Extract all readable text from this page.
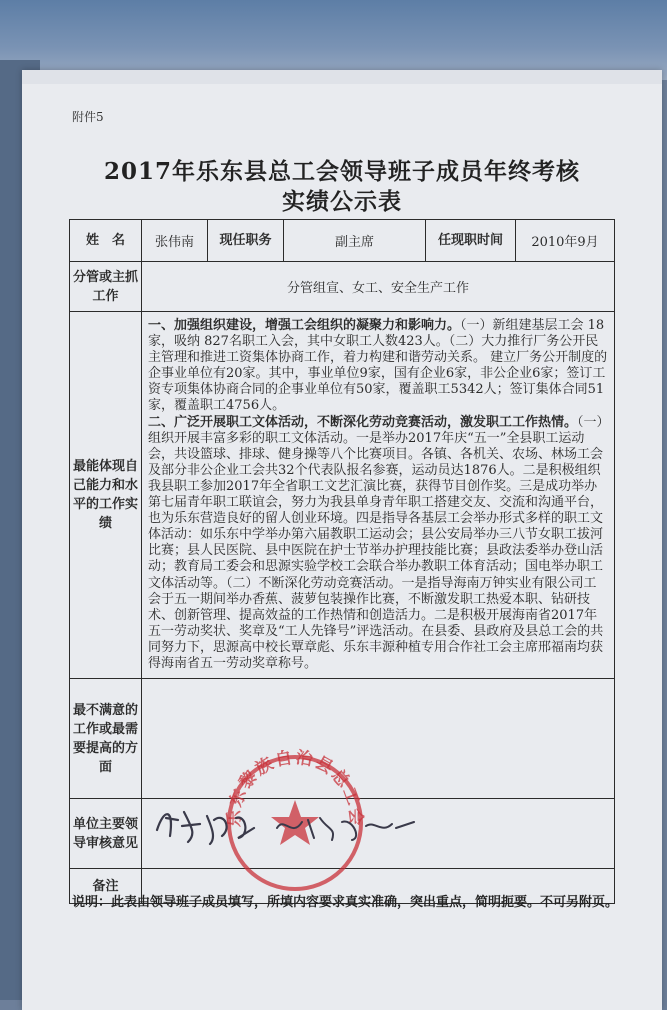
附件5
2017年乐东县总工会领导班子成员年终考核
实绩公示表
姓　名	张伟南	现任职务	副主席	任现职时间	2010年9月
分管或主抓工作	分管组宣、女工、安全生产工作				
最能体现自己能力和水平的工作实绩	一、加强组织建设，增强工会组织的凝聚力和影响力。（一）新组建基层工会 18家，吸纳 827名职工入会，其中女职工人数423人。（二）大力推行厂务公开民主管理和推进工资集体协商工作，着力构建和谐劳动关系。 建立厂务公开制度的企事业单位有20家。其中，事业单位9家，国有企业6家，非公企业6家；签订工资专项集体协商合同的企事业单位有50家，覆盖职工5342人；签订集体合同51家，覆盖职工4756人。
二、广泛开展职工文体活动，不断深化劳动竞赛活动，激发职工工作热情。（一）组织开展丰富多彩的职工文体活动。一是举办2017年庆“五一”全县职工运动会，共设篮球、排球、健身操等八个比赛项目。各镇、各机关、农场、林场工会及部分非公企业工会共32个代表队报名参赛，运动员达1876人。二是积极组织我县职工参加2017年全省职工文艺汇演比赛，获得节目创作奖。三是成功举办第七届青年职工联谊会，努力为我县单身青年职工搭建交友、交流和沟通平台，也为乐东营造良好的留人创业环境。四是指导各基层工会举办形式多样的职工文体活动：如乐东中学举办第六届教职工运动会；县公安局举办三八节女职工拔河比赛；县人民医院、县中医院在护士节举办护理技能比赛；县政法委举办登山活动；教育局工委会和思源实验学校工会联合举办教职工体育活动；国电举办职工文体活动等。（二）不断深化劳动竞赛活动。一是指导海南万钟实业有限公司工会于五一期间举办香蕉、菠萝包装操作比赛，不断激发职工热爱本职、钻研技术、创新管理、提高效益的工作热情和创造活力。二是积极开展海南省2017年五一劳动奖状、奖章及“工人先锋号”评选活动。在县委、县政府及县总工会的共同努力下，思源高中校长覃章彪、乐东丰源种植专用合作社工会主席邢福南均获得海南省五一劳动奖章称号。				
最不满意的工作或最需要提高的方面					
单位主要领导审核意见					
备注					
乐东黎族自治县总工会
说明：此表由领导班子成员填写，所填内容要求真实准确，突出重点，简明扼要。不可另附页。
